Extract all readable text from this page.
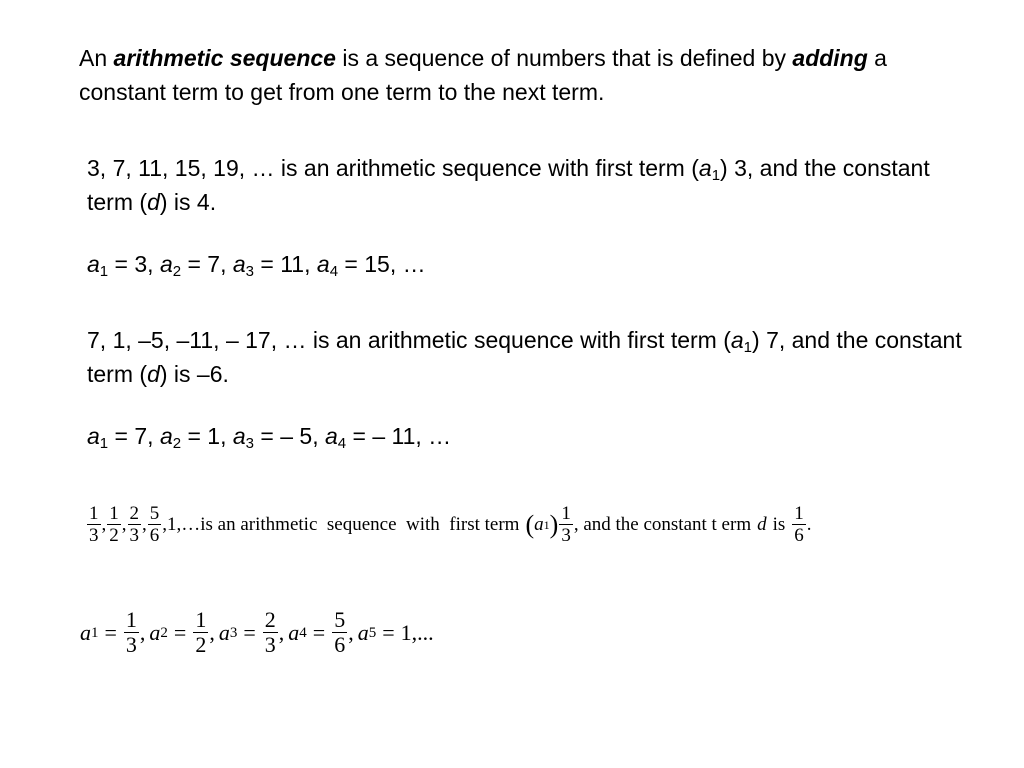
An arithmetic sequence is a sequence of numbers that is defined by adding a constant term to get from one term to the next term.
3, 7, 11, 15, 19, … is an arithmetic sequence with first term $(a_1)$ 3, and the constant term (d) is 4.
$a_1 = 3$, $a_2 = 7$, $a_3 = 11$, $a_4 = 15$, …
7, 1, –5, –11, – 17, … is an arithmetic sequence with first term $(a_1)$ 7, and the constant term (d) is –6.
$a_1 = 7$, $a_2 = 1$, $a_3$ = – 5, $a_4$ = – 11, …
$\frac{1}{3}$ , $\frac{1}{2}$ , $\frac{2}{3}$ , $\frac{5}{6}$ , 1,… is an arithmetic  sequence  with  first term ( a 1 ) $\frac{1}{3}$ , and the constant t erm d is $\frac{1}{6}$ .
a $1 = \frac{1}{3}$ , a $2 = \frac{1}{2}$ , a $3 = \frac{2}{3}$ , a $4 = \frac{5}{6}$ , a 5 = 1,...
